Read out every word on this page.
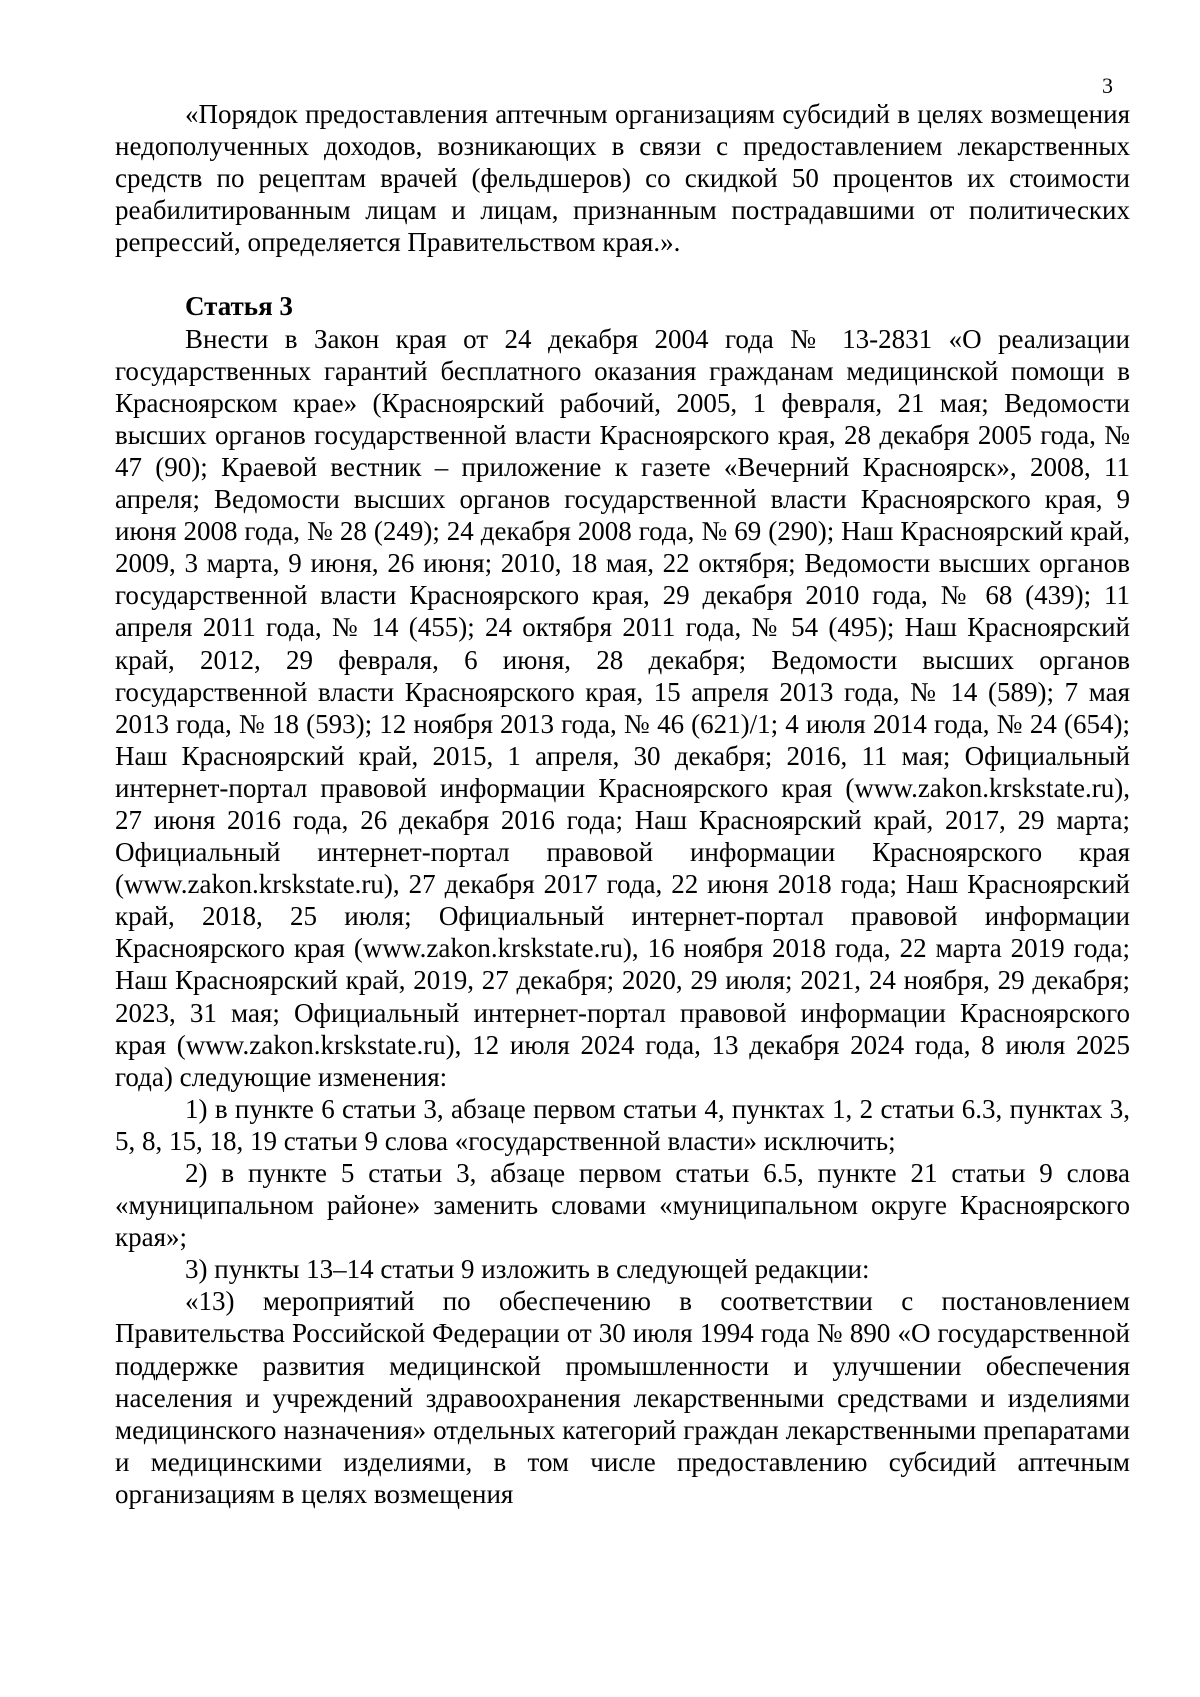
3

«Порядок предоставления аптечным организациям субсидий в целях возмещения недополученных доходов, возникающих в связи с предоставлением лекарственных средств по рецептам врачей (фельдшеров) со скидкой 50 процентов их стоимости реабилитированным лицам и лицам, признанным пострадавшими от политических репрессий, определяется Правительством края.».

Статья 3

Внести в Закон края от 24 декабря 2004 года № 13-2831 «О реализации государственных гарантий бесплатного оказания гражданам медицинской помощи в Красноярском крае» (Красноярский рабочий, 2005, 1 февраля, 21 мая; Ведомости высших органов государственной власти Красноярского края, 28 декабря 2005 года, № 47 (90); Краевой вестник – приложение к газете «Вечерний Красноярск», 2008, 11 апреля; Ведомости высших органов государственной власти Красноярского края, 9 июня 2008 года, № 28 (249); 24 декабря 2008 года, № 69 (290); Наш Красноярский край, 2009, 3 марта, 9 июня, 26 июня; 2010, 18 мая, 22 октября; Ведомости высших органов государственной власти Красноярского края, 29 декабря 2010 года, № 68 (439); 11 апреля 2011 года, № 14 (455); 24 октября 2011 года, № 54 (495); Наш Красноярский край, 2012, 29 февраля, 6 июня, 28 декабря; Ведомости высших органов государственной власти Красноярского края, 15 апреля 2013 года, № 14 (589); 7 мая 2013 года, № 18 (593); 12 ноября 2013 года, № 46 (621)/1; 4 июля 2014 года, № 24 (654); Наш Красноярский край, 2015, 1 апреля, 30 декабря; 2016, 11 мая; Официальный интернет-портал правовой информации Красноярского края (www.zakon.krskstate.ru), 27 июня 2016 года, 26 декабря 2016 года; Наш Красноярский край, 2017, 29 марта; Официальный интернет-портал правовой информации Красноярского края (www.zakon.krskstate.ru), 27 декабря 2017 года, 22 июня 2018 года; Наш Красноярский край, 2018, 25 июля; Официальный интернет-портал правовой информации Красноярского края (www.zakon.krskstate.ru), 16 ноября 2018 года, 22 марта 2019 года; Наш Красноярский край, 2019, 27 декабря; 2020, 29 июля; 2021, 24 ноября, 29 декабря; 2023, 31 мая; Официальный интернет-портал правовой информации Красноярского края (www.zakon.krskstate.ru), 12 июля 2024 года, 13 декабря 2024 года, 8 июля 2025 года) следующие изменения:

1) в пункте 6 статьи 3, абзаце первом статьи 4, пунктах 1, 2 статьи 6.3, пунктах 3, 5, 8, 15, 18, 19 статьи 9 слова «государственной власти» исключить;

2) в пункте 5 статьи 3, абзаце первом статьи 6.5, пункте 21 статьи 9 слова «муниципальном районе» заменить словами «муниципальном округе Красноярского края»;

3) пункты 13–14 статьи 9 изложить в следующей редакции:

«13) мероприятий по обеспечению в соответствии с постановлением Правительства Российской Федерации от 30 июля 1994 года № 890 «О государственной поддержке развития медицинской промышленности и улучшении обеспечения населения и учреждений здравоохранения лекарственными средствами и изделиями медицинского назначения» отдельных категорий граждан лекарственными препаратами и медицинскими изделиями, в том числе предоставлению субсидий аптечным организациям в целях возмещения
